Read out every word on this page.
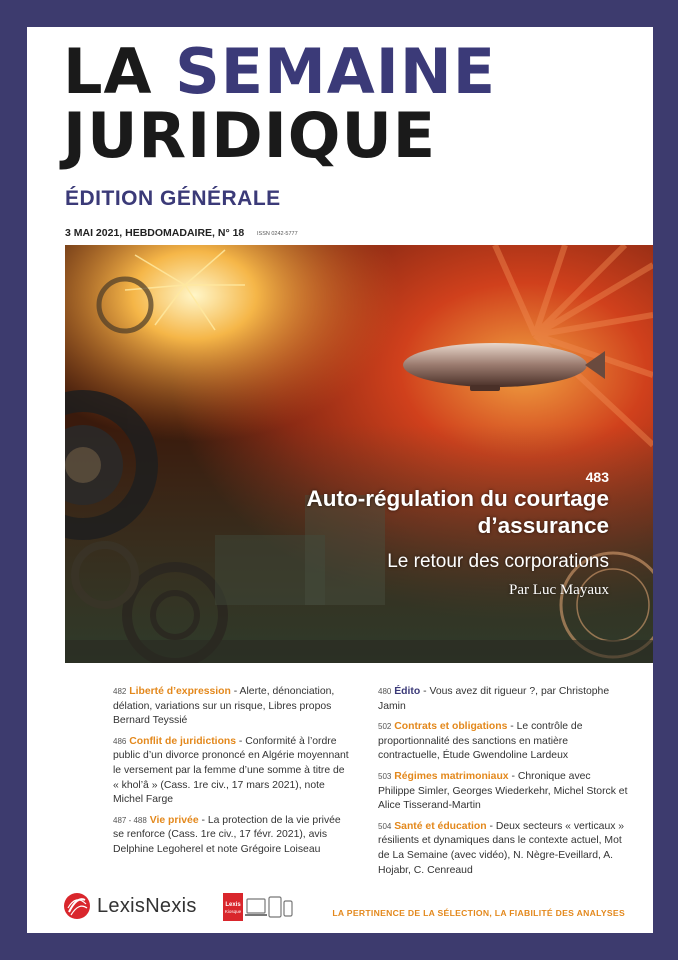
LA SEMAINE
JURIDIQUE
ÉDITION GÉNÉRALE
3 MAI 2021, HEBDOMADAIRE, N° 18 ISSN 0242-5777
483
Auto-régulation du courtage d’assurance
Le retour des corporations
Par Luc Mayaux
482 Liberté d’expression - Alerte, dénonciation, délation, variations sur un risque, Libres propos Bernard Teyssié
486 Conflit de juridictions - Conformité à l’ordre public d’un divorce prononcé en Algérie moyennant le versement par la femme d’une somme à titre de « khol’â » (Cass. 1re civ., 17 mars 2021), note Michel Farge
487 - 488 Vie privée - La protection de la vie privée se renforce (Cass. 1re civ., 17 févr. 2021), avis Delphine Legoherel et note Grégoire Loiseau
480 Édito - Vous avez dit rigueur ?, par Christophe Jamin
502 Contrats et obligations - Le contrôle de proportionnalité des sanctions en matière contractuelle, Étude Gwendoline Lardeux
503 Régimes matrimoniaux - Chronique avec Philippe Simler, Georges Wiederkehr, Michel Storck et Alice Tisserand-Martin
504 Santé et éducation - Deux secteurs « verticaux » résilients et dynamiques dans le contexte actuel, Mot de La Semaine (avec vidéo), N. Nègre-Eveillard, A. Hojabr, C. Cenreaud
LexisNexis	Lexis
Kiosque	LA PERTINENCE DE LA SÉLECTION, LA FIABILITÉ DES ANALYSES
